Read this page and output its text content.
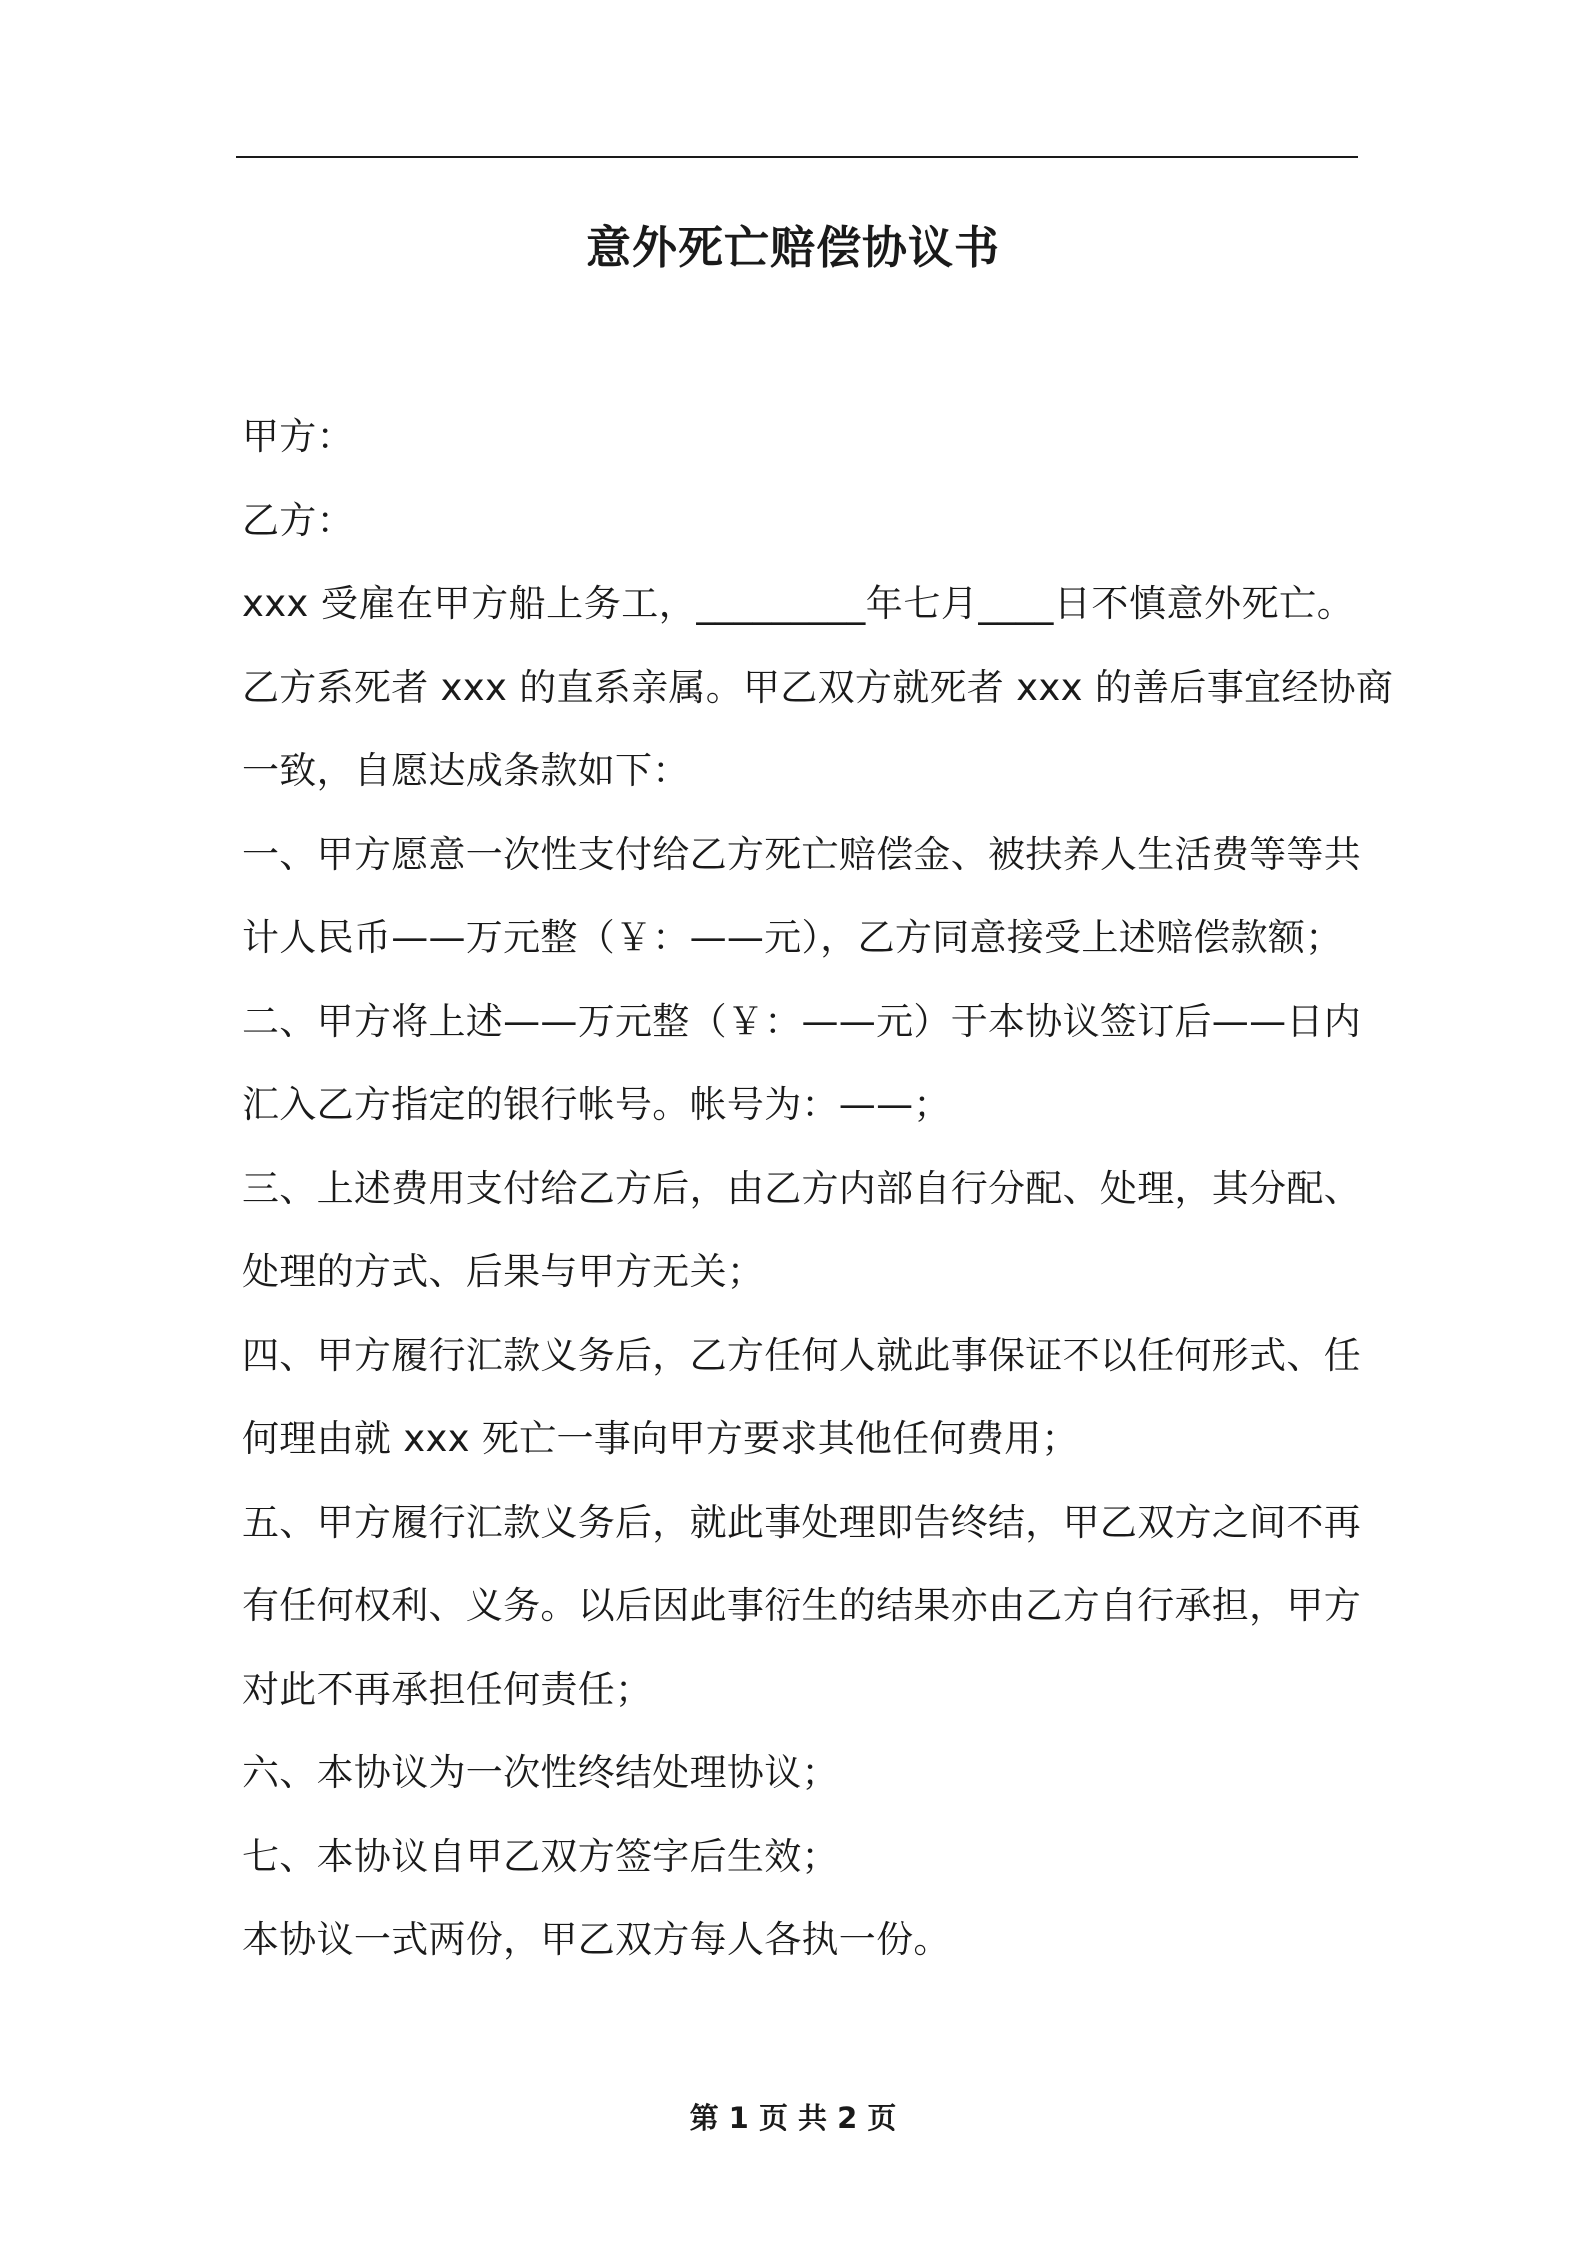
意外死亡赔偿协议书
甲方：
乙方：
xxx 受雇在甲方船上务工，_________年七月____日不慎意外死亡。
乙方系死者 xxx 的直系亲属。甲乙双方就死者 xxx 的善后事宜经协商
一致，自愿达成条款如下：
一、甲方愿意一次性支付给乙方死亡赔偿金、被扶养人生活费等等共
计人民币——万元整（￥：——元），乙方同意接受上述赔偿款额；
二、甲方将上述——万元整（￥：——元）于本协议签订后——日内
汇入乙方指定的银行帐号。帐号为：——；
三、上述费用支付给乙方后，由乙方内部自行分配、处理，其分配、
处理的方式、后果与甲方无关；
四、甲方履行汇款义务后，乙方任何人就此事保证不以任何形式、任
何理由就 xxx 死亡一事向甲方要求其他任何费用；
五、甲方履行汇款义务后，就此事处理即告终结，甲乙双方之间不再
有任何权利、义务。以后因此事衍生的结果亦由乙方自行承担，甲方
对此不再承担任何责任；
六、本协议为一次性终结处理协议；
七、本协议自甲乙双方签字后生效；
本协议一式两份，甲乙双方每人各执一份。
第 1 页 共 2 页
